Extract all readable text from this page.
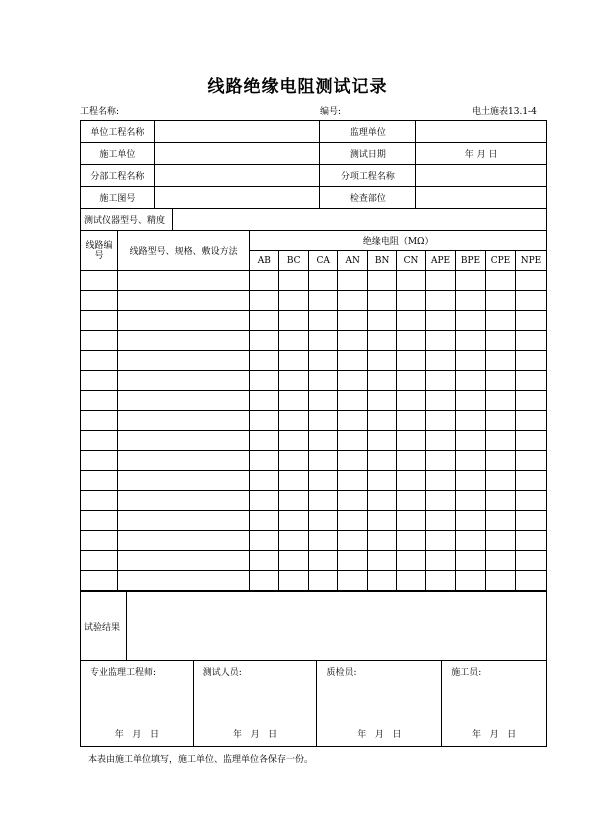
线路绝缘电阻测试记录
工程名称:	编号:	电土施表13.1-4
单位工程名称		监理单位	
施工单位		测试日期	年 月 日
分部工程名称		分项工程名称	
施工图号		检查部位	
测试仪器型号、精度	
线路编号	线路型号、规格、敷设方法	绝缘电阻（MΩ）									
		AB	BC	CA	AN	BN	CN	APE	BPE	CPE	NPE

试验结果	
专业监理工程师:
年   月   日

测试人员:
年   月   日

质检员:
年   月   日

施工员:
年   月   日
本表由施工单位填写，施工单位、监理单位各保存一份。
